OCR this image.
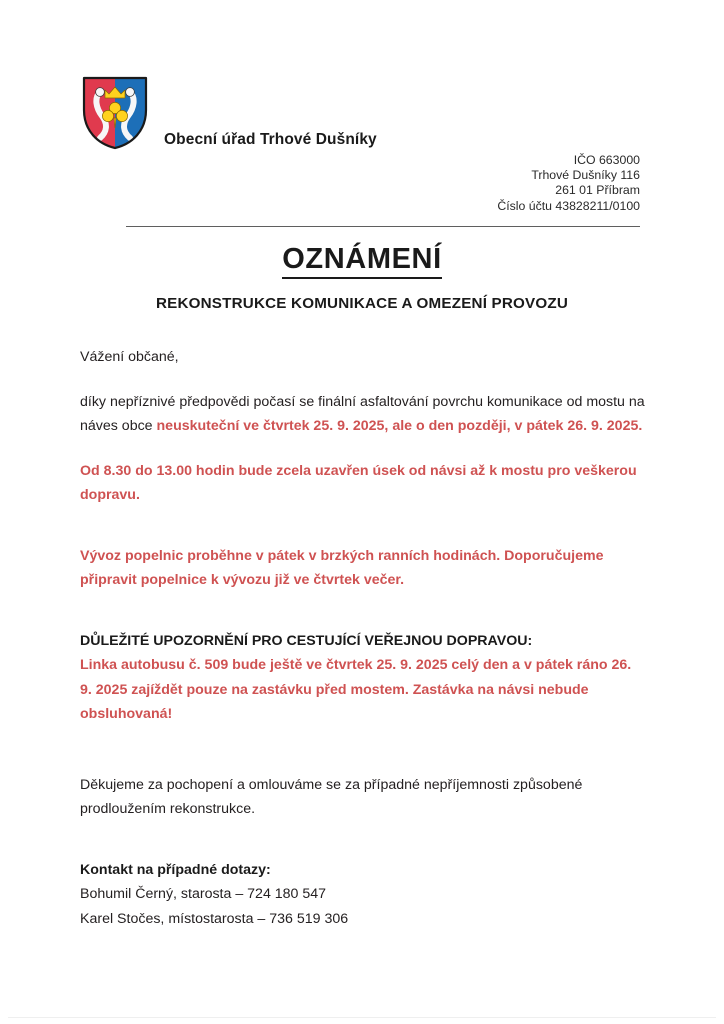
Obecní úřad Trhové Dušníky
IČO 663000
Trhové Dušníky 116
261 01 Příbram
Číslo účtu 43828211/0100
OZNÁMENÍ
REKONSTRUKCE KOMUNIKACE A OMEZENÍ PROVOZU

Vážení občané,

díky nepříznivé předpovědi počasí se finální asfaltování povrchu komunikace od mostu na náves obce neuskuteční ve čtvrtek 25. 9. 2025, ale o den později, v pátek 26. 9. 2025.

Od 8.30 do 13.00 hodin bude zcela uzavřen úsek od návsi až k mostu pro veškerou dopravu.

Vývoz popelnic proběhne v pátek v brzkých ranních hodinách. Doporučujeme připravit popelnice k vývozu již ve čtvrtek večer.

DŮLEŽITÉ UPOZORNĚNÍ PRO CESTUJÍCÍ VEŘEJNOU DOPRAVOU:

Linka autobusu č. 509 bude ještě ve čtvrtek 25. 9. 2025 celý den a v pátek ráno 26. 9. 2025 zajíždět pouze na zastávku před mostem. Zastávka na návsi nebude obsluhovaná!

Děkujeme za pochopení a omlouváme se za případné nepříjemnosti způsobené prodloužením rekonstrukce.

Kontakt na případné dotazy:

Bohumil Černý, starosta – 724 180 547
Karel Stočes, místostarosta – 736 519 306
